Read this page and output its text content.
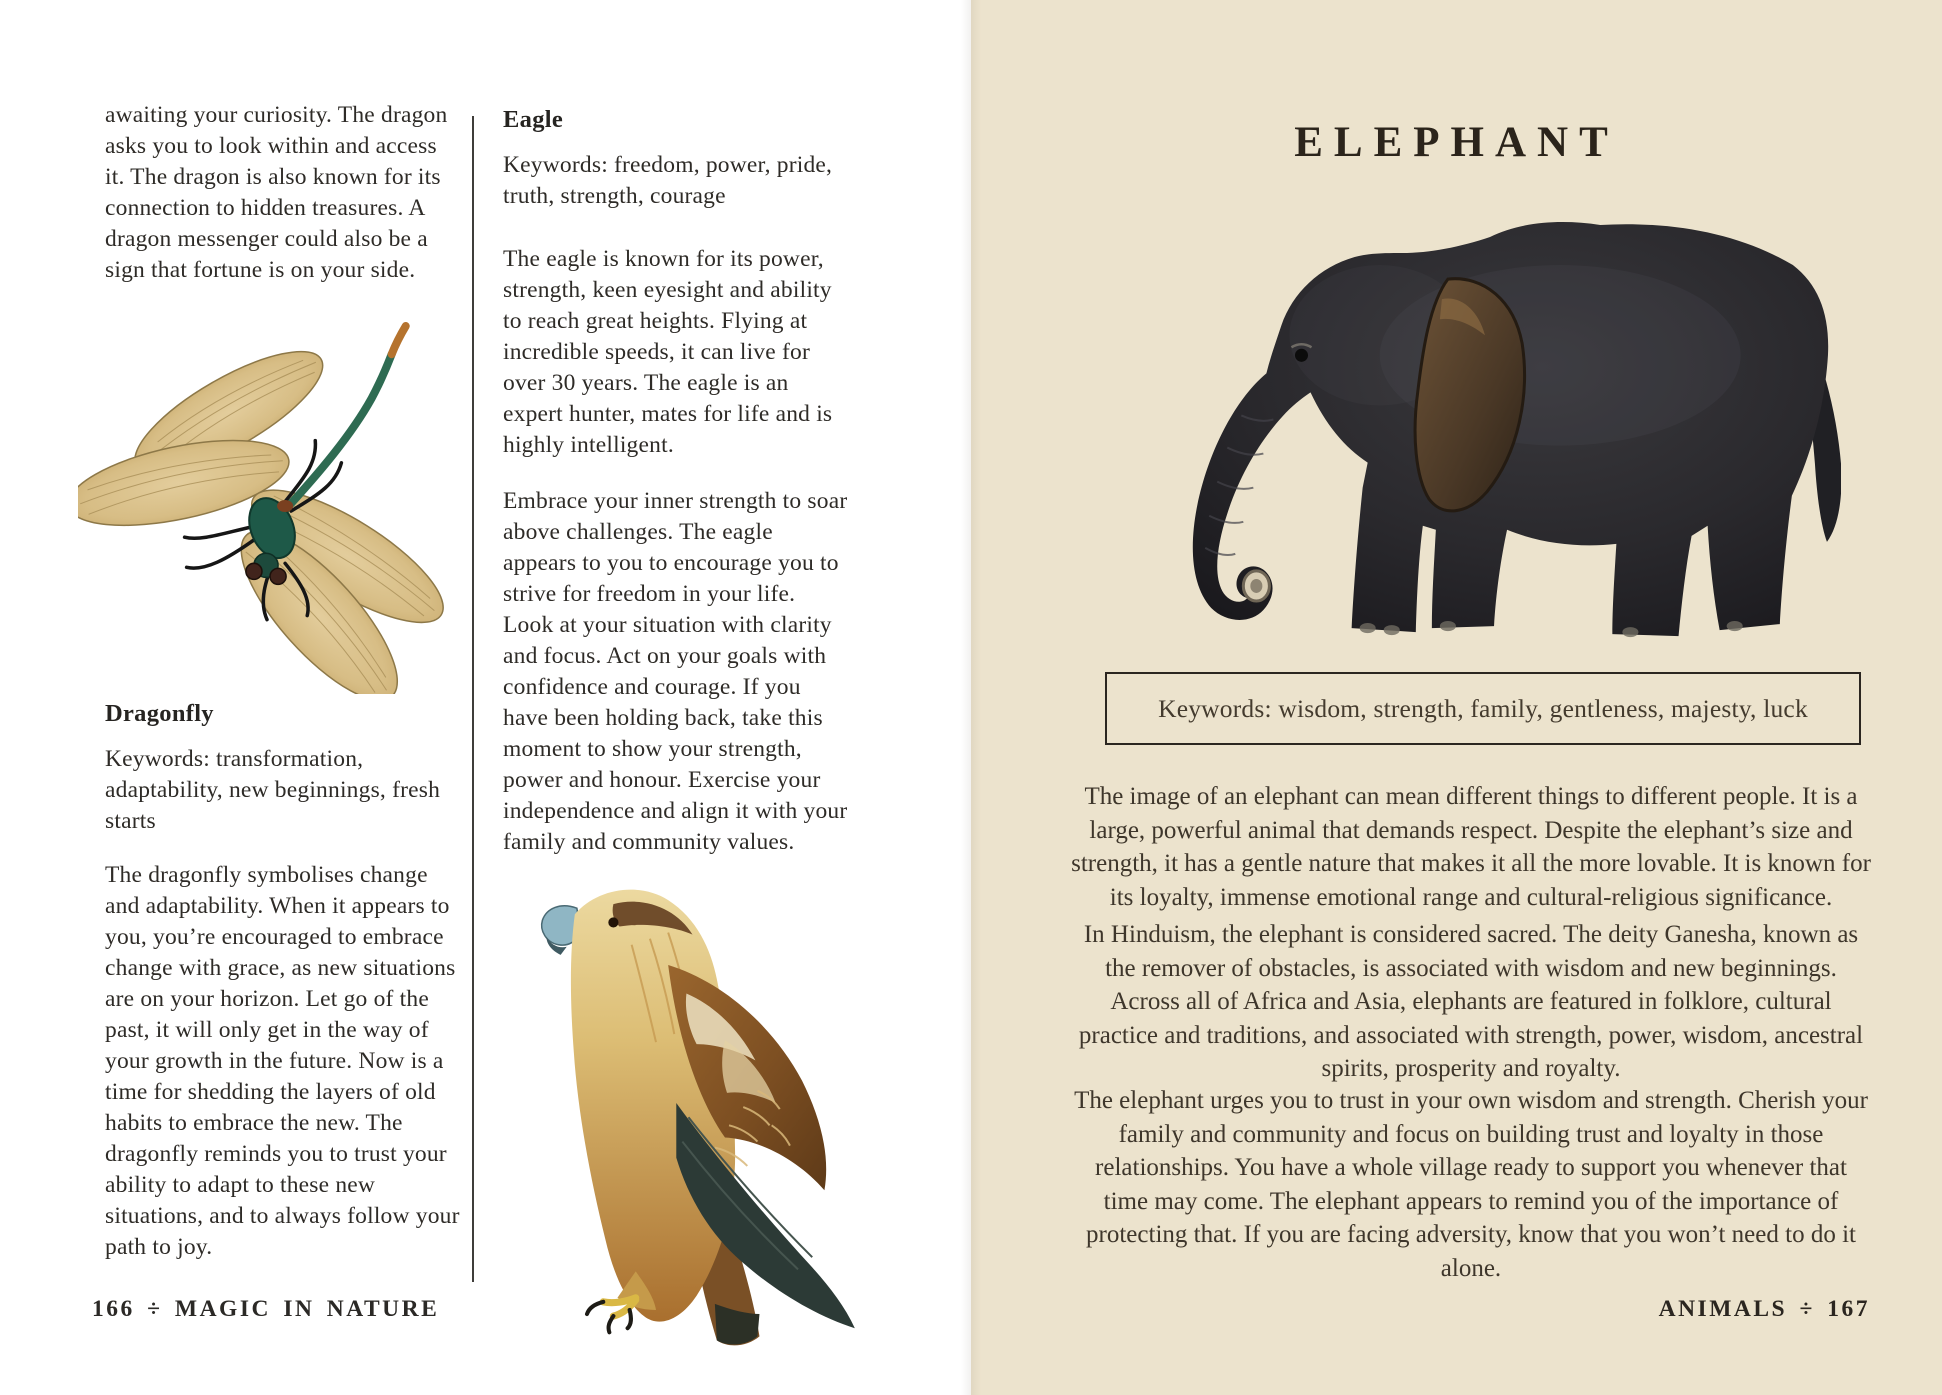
awaiting your curiosity. The dragon asks you to look within and access it. The dragon is also known for its connection to hidden treasures. A dragon messenger could also be a sign that fortune is on your side.

Dragonfly

Keywords: transformation, adaptability, new beginnings, fresh starts

The dragonfly symbolises change and adaptability. When it appears to you, you’re encouraged to embrace change with grace, as new situations are on your horizon. Let go of the past, it will only get in the way of your growth in the future. Now is a time for shedding the layers of old habits to embrace the new. The dragonfly reminds you to trust your ability to adapt to these new situations, and to always follow your path to joy.

Eagle

Keywords: freedom, power, pride, truth, strength, courage

The eagle is known for its power, strength, keen eyesight and ability to reach great heights. Flying at incredible speeds, it can live for over 30 years. The eagle is an expert hunter, mates for life and is highly intelligent.

Embrace your inner strength to soar above challenges. The eagle appears to you to encourage you to strive for freedom in your life. Look at your situation with clarity and focus. Act on your goals with confidence and courage. If you have been holding back, take this moment to show your strength, power and honour. Exercise your independence and align it with your family and community values.

166 ÷ MAGIC IN NATURE
ELEPHANT

Keywords: wisdom, strength, family, gentleness, majesty, luck

The image of an elephant can mean different things to different people. It is a large, powerful animal that demands respect. Despite the elephant’s size and strength, it has a gentle nature that makes it all the more lovable. It is known for its loyalty, immense emotional range and cultural-religious significance.

In Hinduism, the elephant is considered sacred. The deity Ganesha, known as the remover of obstacles, is associated with wisdom and new beginnings. Across all of Africa and Asia, elephants are featured in folklore, cultural practice and traditions, and associated with strength, power, wisdom, ancestral spirits, prosperity and royalty.

The elephant urges you to trust in your own wisdom and strength. Cherish your family and community and focus on building trust and loyalty in those relationships. You have a whole village ready to support you whenever that time may come. The elephant appears to remind you of the importance of protecting that. If you are facing adversity, know that you won’t need to do it alone.

ANIMALS ÷ 167
